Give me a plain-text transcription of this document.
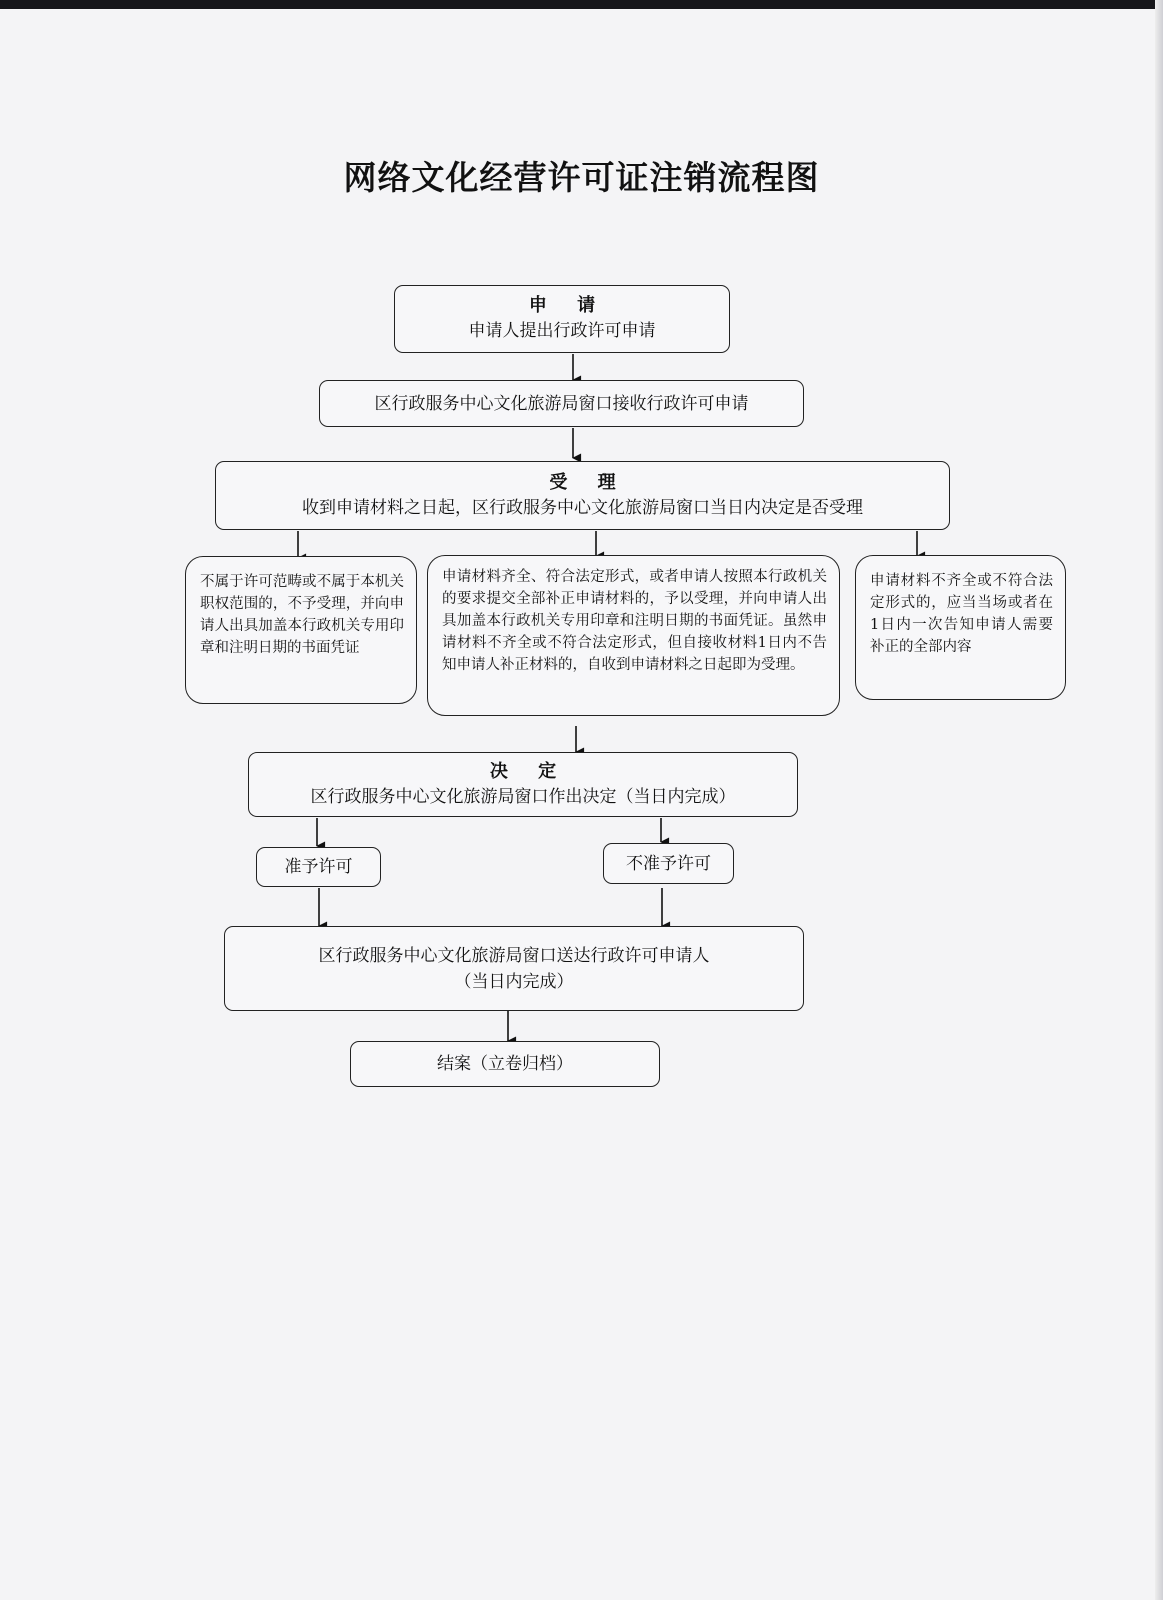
网络文化经营许可证注销流程图
申 请
申请人提出行政许可申请
区行政服务中心文化旅游局窗口接收行政许可申请
受 理
收到申请材料之日起，区行政服务中心文化旅游局窗口当日内决定是否受理
不属于许可范畴或不属于本机关职权范围的，不予受理，并向申请人出具加盖本行政机关专用印章和注明日期的书面凭证
申请材料齐全、符合法定形式，或者申请人按照本行政机关的要求提交全部补正申请材料的，予以受理，并向申请人出具加盖本行政机关专用印章和注明日期的书面凭证。虽然申请材料不齐全或不符合法定形式，但自接收材料1日内不告知申请人补正材料的，自收到申请材料之日起即为受理。
申请材料不齐全或不符合法定形式的，应当当场或者在1日内一次告知申请人需要补正的全部内容
决 定
区行政服务中心文化旅游局窗口作出决定（当日内完成）
准予许可	不准予许可
区行政服务中心文化旅游局窗口送达行政许可申请人
（当日内完成）
结案（立卷归档）
